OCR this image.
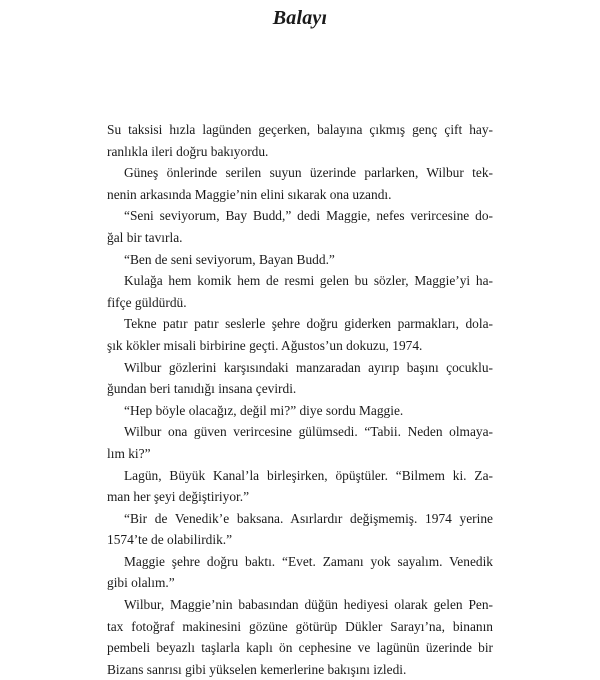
Balayı
Su taksisi hızla lagünden geçerken, balayına çıkmış genç çift hay-
ranlıkla ileri doğru bakıyordu.
Güneş önlerinde serilen suyun üzerinde parlarken, Wilbur tek-
nenin arkasında Maggie’nin elini sıkarak ona uzandı.
“Seni seviyorum, Bay Budd,” dedi Maggie, nefes verircesine do-
ğal bir tavırla.
“Ben de seni seviyorum, Bayan Budd.”
Kulağa hem komik hem de resmi gelen bu sözler, Maggie’yi ha-
fifçe güldürdü.
Tekne patır patır seslerle şehre doğru giderken parmakları, dola-
şık kökler misali birbirine geçti. Ağustos’un dokuzu, 1974.
Wilbur gözlerini karşısındaki manzaradan ayırıp başını çocuklu-
ğundan beri tanıdığı insana çevirdi.
“Hep böyle olacağız, değil mi?” diye sordu Maggie.
Wilbur ona güven verircesine gülümsedi. “Tabii. Neden olmaya-
lım ki?”
Lagün, Büyük Kanal’la birleşirken, öpüştüler. “Bilmem ki. Za-
man her şeyi değiştiriyor.”
“Bir de Venedik’e baksana. Asırlardır değişmemiş. 1974 yerine
1574’te de olabilirdik.”
Maggie şehre doğru baktı. “Evet. Zamanı yok sayalım. Venedik
gibi olalım.”
Wilbur, Maggie’nin babasından düğün hediyesi olarak gelen Pen-
tax fotoğraf makinesini gözüne götürüp Dükler Sarayı’na, binanın
pembeli beyazlı taşlarla kaplı ön cephesine ve lagünün üzerinde bir
Bizans sanrısı gibi yükselen kemerlerine bakışını izledi.
